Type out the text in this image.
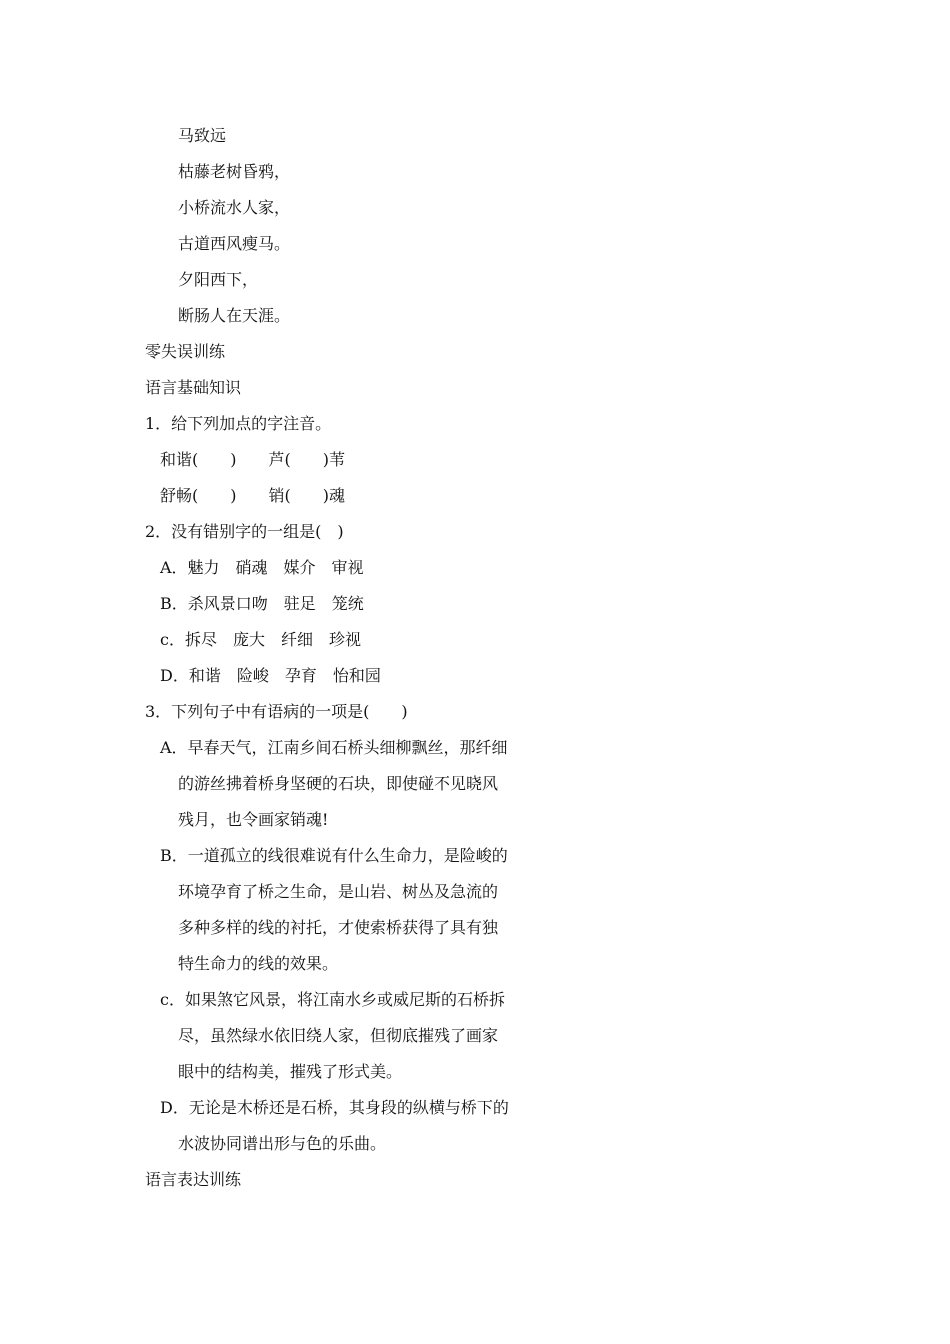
马致远
枯藤老树昏鸦，
小桥流水人家，
古道西风瘦马。
夕阳西下，
断肠人在天涯。
零失误训练
语言基础知识
1．给下列加点的字注音。
和谐(　　)　　芦(　　)苇
舒畅(　　)　　销(　　)魂
2．没有错别字的一组是(　)
A．魅力　硝魂　媒介　审视
B．杀风景口吻　驻足　笼统
c．拆尽　庞大　纤细　珍视
D．和谐　险峻　孕育　怡和园
3．下列句子中有语病的一项是(　　)
A．早春天气，江南乡间石桥头细柳飘丝，那纤细
的游丝拂着桥身坚硬的石块，即使碰不见晓风
残月，也令画家销魂!
B．一道孤立的线很难说有什么生命力，是险峻的
环境孕育了桥之生命，是山岩、树丛及急流的
多种多样的线的衬托，才使索桥获得了具有独
特生命力的线的效果。
c．如果煞它风景，将江南水乡或威尼斯的石桥拆
尽，虽然绿水依旧绕人家，但彻底摧残了画家
眼中的结构美，摧残了形式美。
D．无论是木桥还是石桥，其身段的纵横与桥下的
水波协同谱出形与色的乐曲。
语言表达训练
